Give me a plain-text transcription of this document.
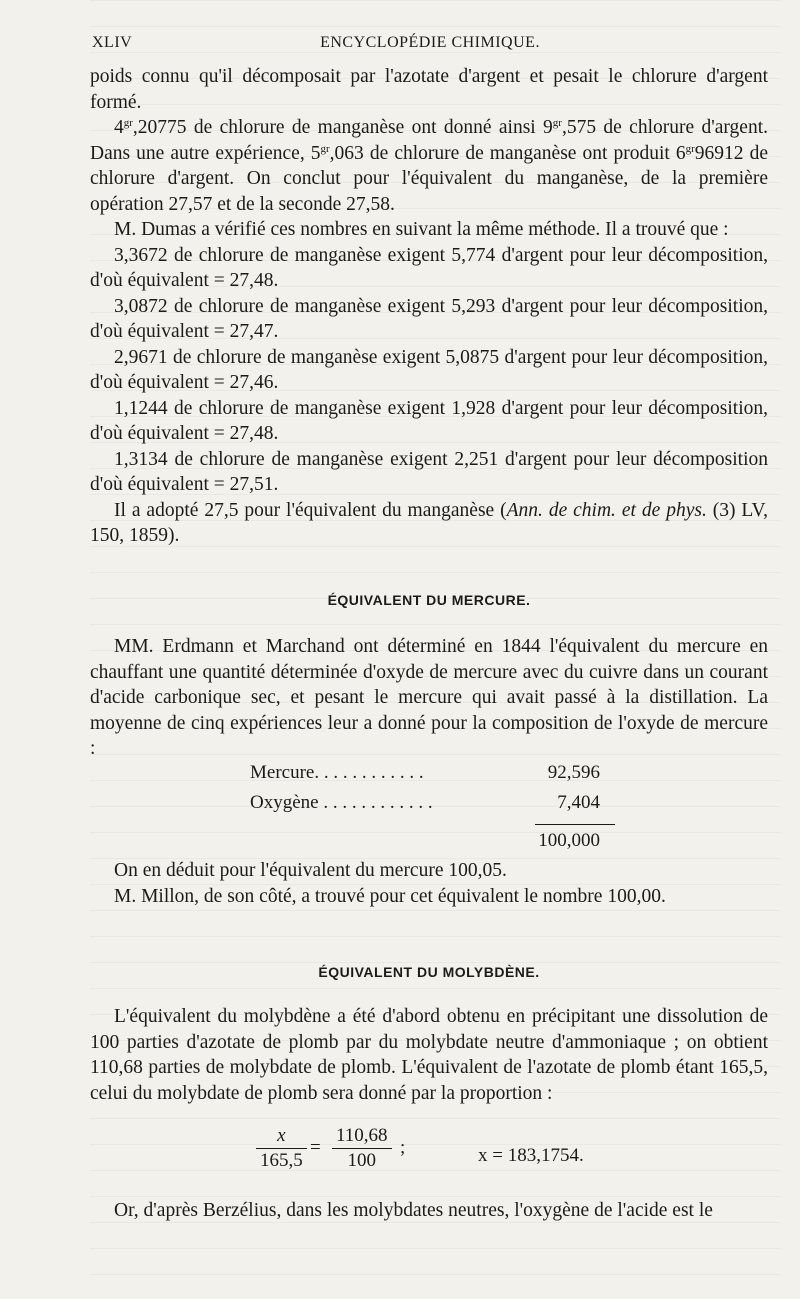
XLIV	ENCYCLOPÉDIE CHIMIQUE.

poids connu qu'il décomposait par l'azotate d'argent et pesait le chlorure d'argent formé.

$4^{gr},20775$ de chlorure de manganèse ont donné ainsi $9^{gr},575$ de chlorure d'argent. Dans une autre expérience, $5^{gr},063$ de chlorure de manganèse ont produit $6^{gr}96912$ de chlorure d'argent. On conclut pour l'équivalent du manganèse, de la première opération 27,57 et de la seconde 27,58.

M. Dumas a vérifié ces nombres en suivant la même méthode. Il a trouvé que :

3,3672 de chlorure de manganèse exigent 5,774 d'argent pour leur décomposition, d'où équivalent = 27,48.

3,0872 de chlorure de manganèse exigent 5,293 d'argent pour leur décomposition, d'où équivalent = 27,47.

2,9671 de chlorure de manganèse exigent 5,0875 d'argent pour leur décomposition, d'où équivalent = 27,46.

1,1244 de chlorure de manganèse exigent 1,928 d'argent pour leur décomposition, d'où équivalent = 27,48.

1,3134 de chlorure de manganèse exigent 2,251 d'argent pour leur décomposition d'où équivalent = 27,51.

Il a adopté 27,5 pour l'équivalent du manganèse (Ann. de chim. et de phys. (3) LV, 150, 1859).

ÉQUIVALENT DU MERCURE.

MM. Erdmann et Marchand ont déterminé en 1844 l'équivalent du mercure en chauffant une quantité déterminée d'oxyde de mercure avec du cuivre dans un courant d'acide carbonique sec, et pesant le mercure qui avait passé à la distillation. La moyenne de cinq expériences leur a donné pour la composition de l'oxyde de mercure :

Mercure. . . . . . . . . . . .	92,596
Oxygène . . . . . . . . . . . .	7,404
100,000

On en déduit pour l'équivalent du mercure 100,05.

M. Millon, de son côté, a trouvé pour cet équivalent le nombre 100,00.

ÉQUIVALENT DU MOLYBDÈNE.

L'équivalent du molybdène a été d'abord obtenu en précipitant une dissolution de 100 parties d'azotate de plomb par du molybdate neutre d'ammoniaque ; on obtient 110,68 parties de molybdate de plomb. L'équivalent de l'azotate de plomb étant 165,5, celui du molybdate de plomb sera donné par la proportion :

x
165,5
=
110,68
100
;	x = 183,1754.

Or, d'après Berzélius, dans les molybdates neutres, l'oxygène de l'acide est le
